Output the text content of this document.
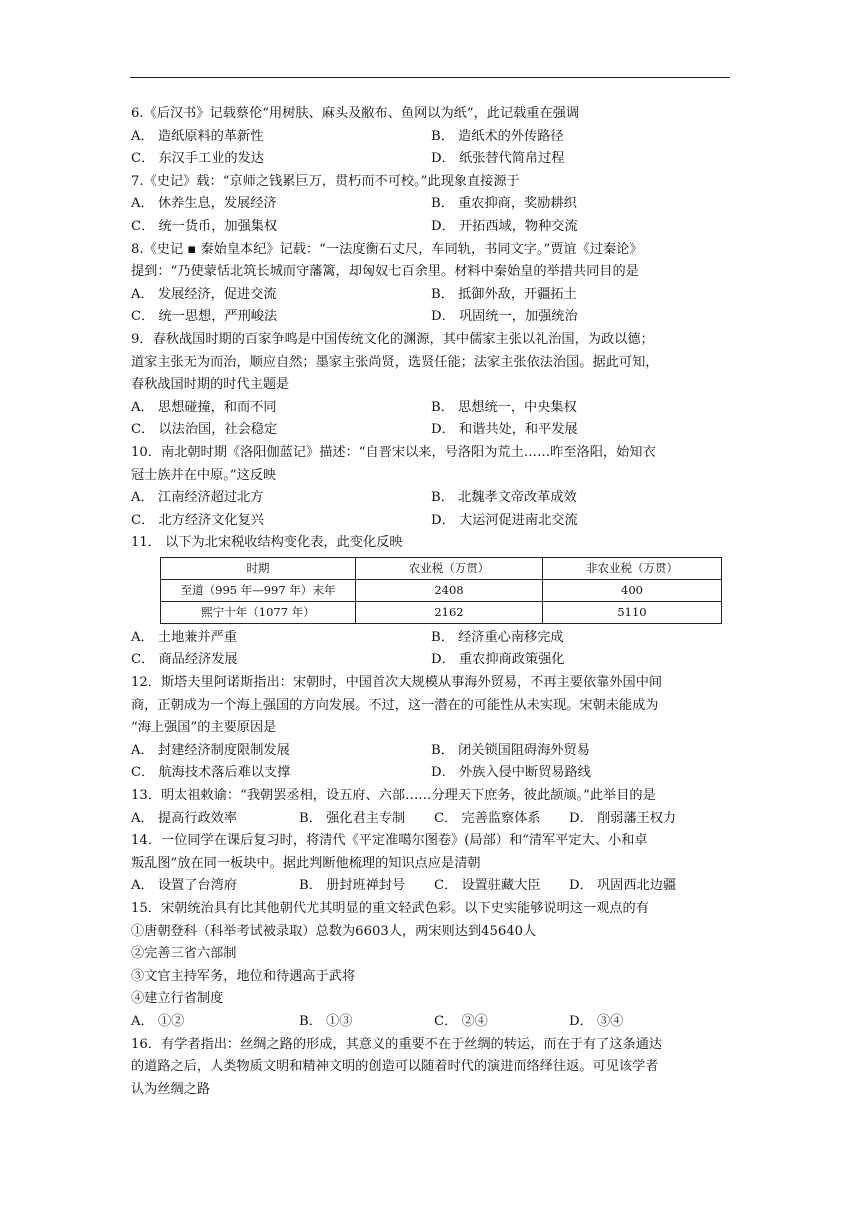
6.《后汉书》记载蔡伦“用树肤、麻头及敝布、鱼网以为纸”，此记载重在强调
A． 造纸原料的革新性	B． 造纸术的外传路径
C． 东汉手工业的发达	D． 纸张替代简帛过程
7.《史记》载：“京师之钱累巨万，贯朽而不可校。”此现象直接源于
A． 休养生息，发展经济	B． 重农抑商，奖励耕织
C． 统一货币，加强集权	D． 开拓西域，物种交流
8.《史记 ▪ 秦始皇本纪》记载：“一法度衡石丈尺，车同轨，书同文字。”贾谊《过秦论》
提到：“乃使蒙恬北筑长城而守藩篱，却匈奴七百余里。材料中秦始皇的举措共同目的是
A． 发展经济，促进交流	B． 抵御外敌，开疆拓土
C． 统一思想，严刑峻法	D． 巩固统一，加强统治
9．春秋战国时期的百家争鸣是中国传统文化的渊源，其中儒家主张以礼治国，为政以德；
道家主张无为而治，顺应自然；墨家主张尚贤，选贤任能；法家主张依法治国。据此可知，
春秋战国时期的时代主题是
A． 思想碰撞，和而不同	B． 思想统一，中央集权
C． 以法治国，社会稳定	D． 和谐共处，和平发展
10．南北朝时期《洛阳伽蓝记》描述：“自晋宋以来，号洛阳为荒土……昨至洛阳，始知衣
冠士族并在中原。”这反映
A． 江南经济超过北方	B． 北魏孝文帝改革成效
C． 北方经济文化复兴	D． 大运河促进南北交流
11． 以下为北宋税收结构变化表，此变化反映
时期	农业税（万贯）	非农业税（万贯）
至道（995 年—997 年）末年	2408	400
熙宁十年（1077 年）	2162	5110
A． 土地兼并严重	B． 经济重心南移完成
C． 商品经济发展	D． 重农抑商政策强化
12．斯塔夫里阿诺斯指出：宋朝时，中国首次大规模从事海外贸易，不再主要依靠外国中间
商，正朝成为一个海上强国的方向发展。不过，这一潜在的可能性从未实现。宋朝未能成为
“海上强国”的主要原因是
A． 封建经济制度限制发展	B． 闭关锁国阻碍海外贸易
C． 航海技术落后难以支撑	D． 外族入侵中断贸易路线
13．明太祖敕谕：“我朝罢丞相，设五府、六部……分理天下庶务，彼此颉颃。”此举目的是
A． 提高行政效率	B． 强化君主专制	C． 完善监察体系	D． 削弱藩王权力
14．一位同学在课后复习时，将清代《平定准噶尔图卷》(局部）和“清军平定大、小和卓
叛乱图”放在同一板块中。据此判断他梳理的知识点应是清朝
A． 设置了台湾府	B． 册封班禅封号	C． 设置驻藏大臣	D． 巩固西北边疆
15．宋朝统治具有比其他朝代尤其明显的重文轻武色彩。以下史实能够说明这一观点的有
①唐朝登科（科举考试被录取）总数为6603人，两宋则达到45640人
②完善三省六部制
③文官主持军务，地位和待遇高于武将
④建立行省制度
A． ①②	B． ①③	C． ②④	D． ③④
16．有学者指出：丝绸之路的形成，其意义的重要不在于丝绸的转运，而在于有了这条通达
的道路之后，人类物质文明和精神文明的创造可以随着时代的演进而络绎往返。可见该学者
认为丝绸之路
